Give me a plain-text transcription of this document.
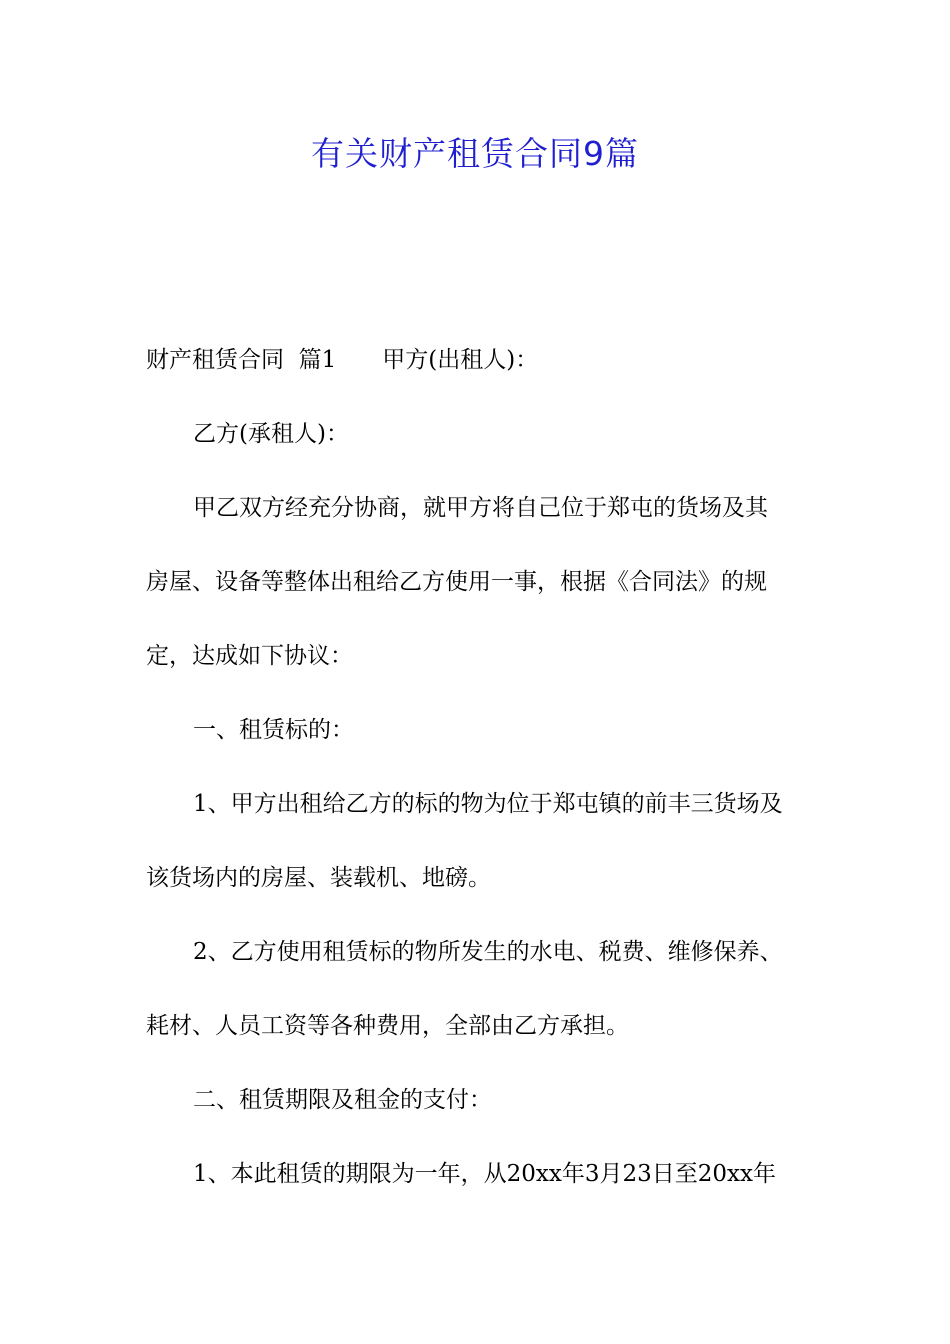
有关财产租赁合同9篇
财产租赁合同  篇1 甲方(出租人)：
乙方(承租人)：
甲乙双方经充分协商，就甲方将自己位于郑屯的货场及其
房屋、设备等整体出租给乙方使用一事，根据《合同法》的规
定，达成如下协议：
一、租赁标的：
1、甲方出租给乙方的标的物为位于郑屯镇的前丰三货场及
该货场内的房屋、装载机、地磅。
2、乙方使用租赁标的物所发生的水电、税费、维修保养、
耗材、人员工资等各种费用，全部由乙方承担。
二、租赁期限及租金的支付：
1、本此租赁的期限为一年，从20xx年3月23日至20xx年
